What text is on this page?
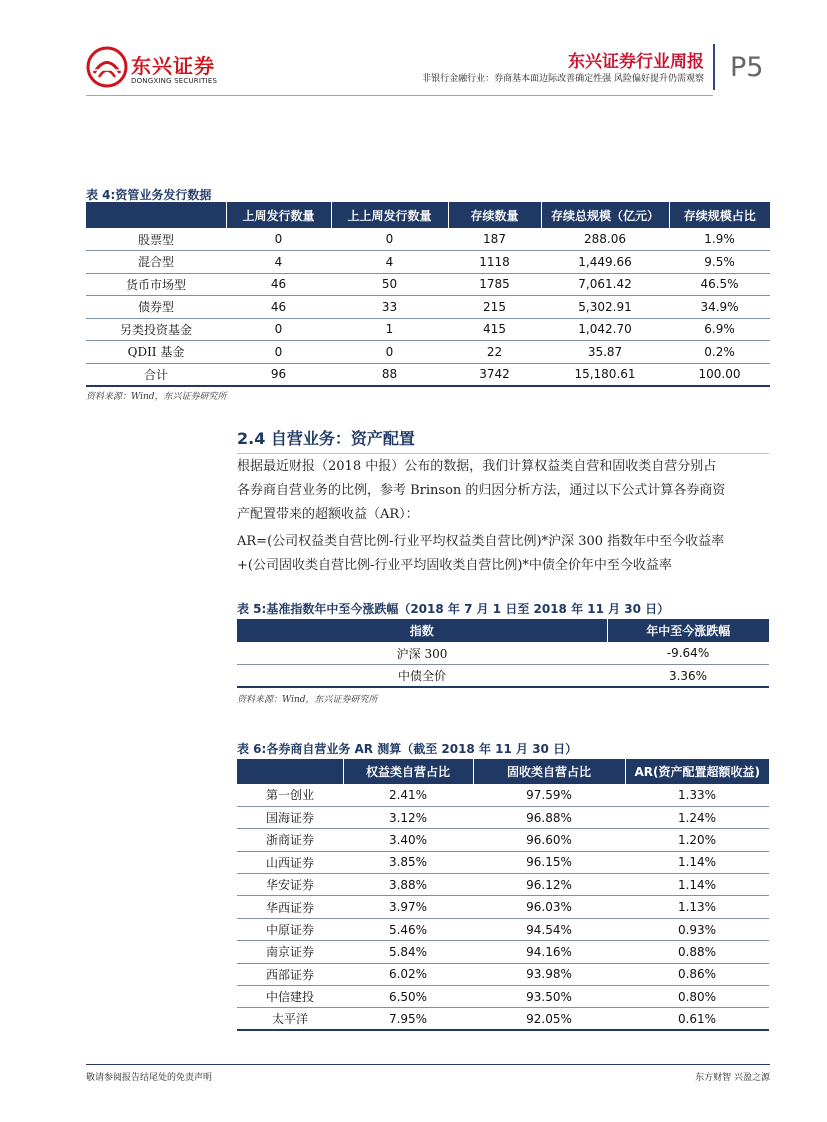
东兴证券
DONGXING SECURITIES
东兴证券行业周报
非银行金融行业：券商基本面边际改善确定性强 风险偏好提升仍需观察 P5
表 4:资管业务发行数据
	上周发行数量	上上周发行数量	存续数量	存续总规模（亿元）	存续规模占比
股票型	0	0	187	288.06	1.9%
混合型	4	4	1118	1,449.66	9.5%
货币市场型	46	50	1785	7,061.42	46.5%
债券型	46	33	215	5,302.91	34.9%
另类投资基金	0	1	415	1,042.70	6.9%
QDII 基金	0	0	22	35.87	0.2%
合计	96	88	3742	15,180.61	100.00
资料来源：Wind，东兴证券研究所
2.4 自营业务：资产配置
根据最近财报（2018 中报）公布的数据，我们计算权益类自营和固收类自营分别占
各券商自营业务的比例，参考 Brinson 的归因分析方法，通过以下公式计算各券商资
产配置带来的超额收益（AR）：
AR=(公司权益类自营比例-行业平均权益类自营比例)*沪深 300 指数年中至今收益率
+(公司固收类自营比例-行业平均固收类自营比例)*中债全价年中至今收益率
表 5:基准指数年中至今涨跌幅（2018 年 7 月 1 日至 2018 年 11 月 30 日）
指数	年中至今涨跌幅
沪深 300	-9.64%
中债全价	3.36%
资料来源：Wind，东兴证券研究所
表 6:各券商自营业务 AR 测算（截至 2018 年 11 月 30 日）
	权益类自营占比	固收类自营占比	AR(资产配置超额收益)
第一创业	2.41%	97.59%	1.33%
国海证券	3.12%	96.88%	1.24%
浙商证券	3.40%	96.60%	1.20%
山西证券	3.85%	96.15%	1.14%
华安证券	3.88%	96.12%	1.14%
华西证券	3.97%	96.03%	1.13%
中原证券	5.46%	94.54%	0.93%
南京证券	5.84%	94.16%	0.88%
西部证券	6.02%	93.98%	0.86%
中信建投	6.50%	93.50%	0.80%
太平洋	7.95%	92.05%	0.61%
敬请参阅报告结尾处的免责声明	东方财智 兴盈之源
